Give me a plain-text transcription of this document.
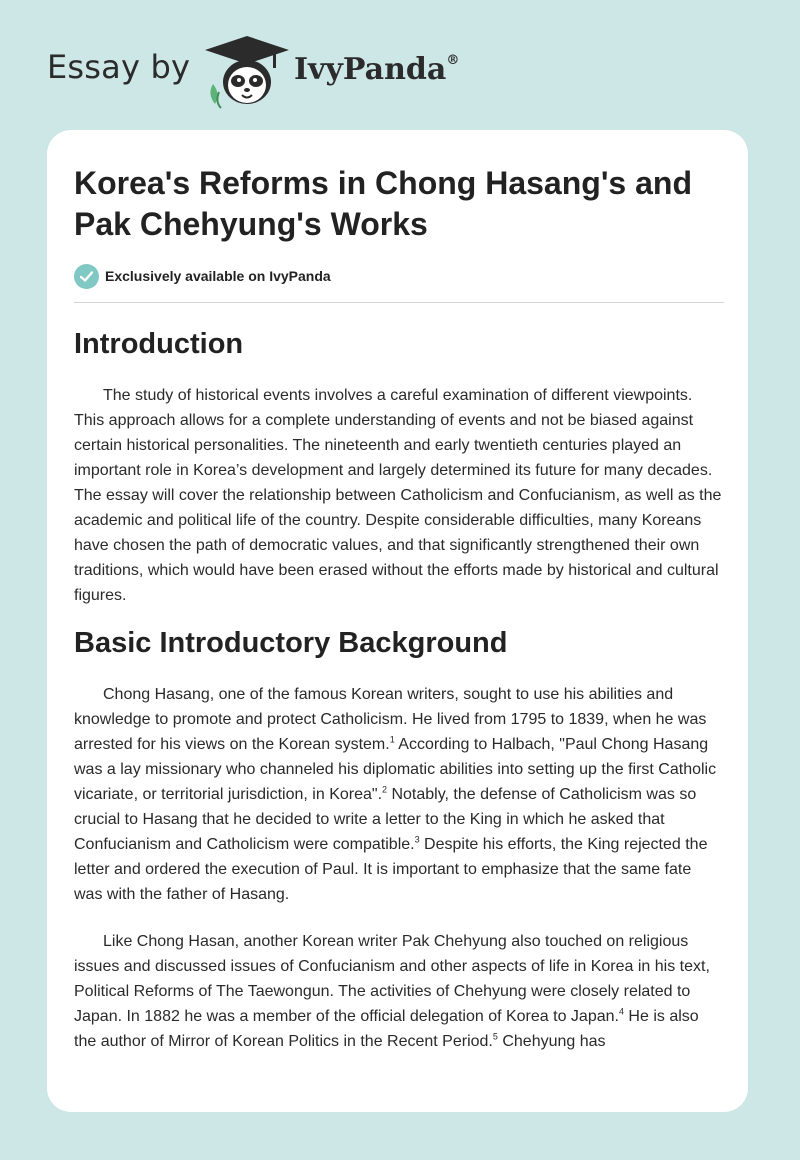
Essay by	IvyPanda®
Korea's Reforms in Chong Hasang's and Pak Chehyung's Works
Exclusively available on IvyPanda
Introduction

The study of historical events involves a careful examination of different viewpoints. This approach allows for a complete understanding of events and not be biased against certain historical personalities. The nineteenth and early twentieth centuries played an important role in Korea’s development and largely determined its future for many decades. The essay will cover the relationship between Catholicism and Confucianism, as well as the academic and political life of the country. Despite considerable difficulties, many Koreans have chosen the path of democratic values, and that significantly strengthened their own traditions, which would have been erased without the efforts made by historical and cultural figures.

Basic Introductory Background

Chong Hasang, one of the famous Korean writers, sought to use his abilities and knowledge to promote and protect Catholicism. He lived from 1795 to 1839, when he was arrested for his views on the Korean system.$^1$ According to Halbach, "Paul Chong Hasang was a lay missionary who channeled his diplomatic abilities into setting up the first Catholic vicariate, or territorial jurisdiction, in Korea".$^2$ Notably, the defense of Catholicism was so crucial to Hasang that he decided to write a letter to the King in which he asked that Confucianism and Catholicism were compatible.$^3$ Despite his efforts, the King rejected the letter and ordered the execution of Paul. It is important to emphasize that the same fate was with the father of Hasang.

Like Chong Hasan, another Korean writer Pak Chehyung also touched on religious issues and discussed issues of Confucianism and other aspects of life in Korea in his text, Political Reforms of The Taewongun. The activities of Chehyung were closely related to Japan. In 1882 he was a member of the official delegation of Korea to Japan.$^4$ He is also the author of Mirror of Korean Politics in the Recent Period.$^5$ Chehyung has
